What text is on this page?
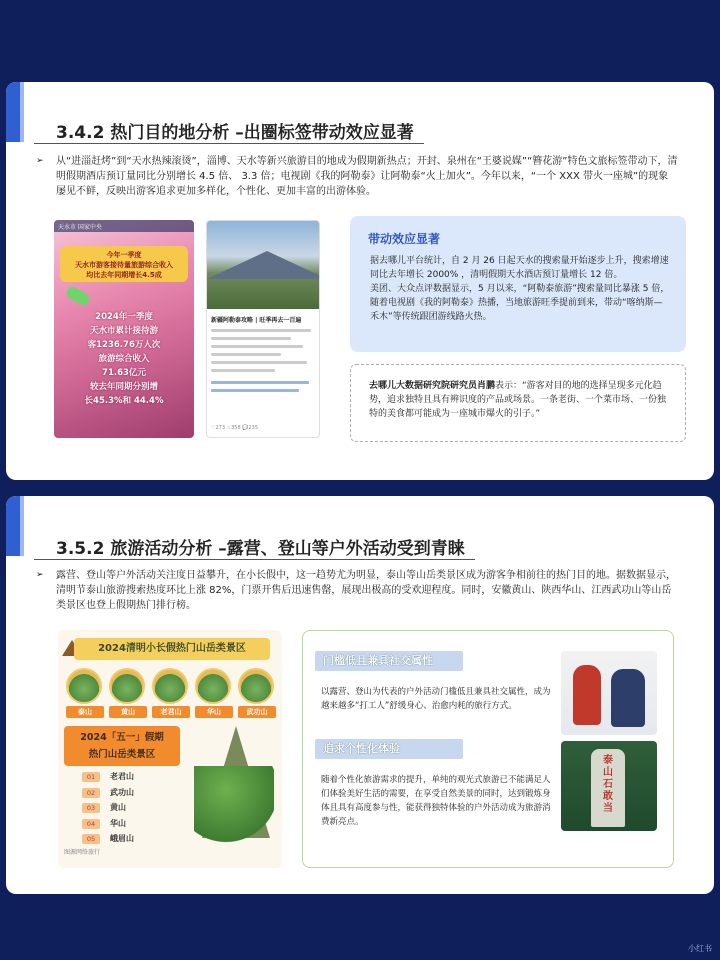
3.4.2 热门目的地分析 –出圈标签带动效应显著
➢	从“进淄赶烤”到“天水热辣滚烫”，淄博、天水等新兴旅游目的地成为假期新热点；开封、泉州在“王婆说媒”“簪花游”特色文旅标签带动下，清明假期酒店预订量同比分别增长 4.5 倍、 3.3 倍；电视剧《我的阿勒泰》让阿勒泰“火上加火”。今年以来，“一个 XXX 带火一座城”的现象屡见不鲜，反映出游客追求更加多样化，个性化、更加丰富的出游体验。
天水市 国家中央
今年一季度
天水市游客接待量旅游综合收入
均比去年同期增长4.5成
2024年一季度
天水市累计接待游
客1236.76万人次
旅游综合收入
71.63亿元
较去年同期分别增
长45.3%和 44.4%
新疆阿勒泰攻略 | 旺季再去一百遍
♡273 ☆358 💬235
带动效应显著

据去哪儿平台统计，自 2 月 26 日起天水的搜索量开始逐步上升，搜索增速同比去年增长 2000% ，清明假期天水酒店预订量增长 12 倍。

美团、大众点评数据显示，5 月以来，“阿勒泰旅游”搜索量同比暴涨 5 倍，随着电视剧《我的阿勒泰》热播，当地旅游旺季提前到来，带动“喀纳斯—禾木”等传统跟团游线路火热。

去哪儿大数据研究院研究员肖鹏表示：“游客对目的地的选择呈现多元化趋势，追求独特且具有辨识度的产品或场景。一条老街、一个菜市场、一份独特的美食都可能成为一座城市爆火的引子。”
3.5.2 旅游活动分析 –露营、登山等户外活动受到青睐
➢	露营、登山等户外活动关注度日益攀升，在小长假中，这一趋势尤为明显，泰山等山岳类景区成为游客争相前往的热门目的地。据数据显示，清明节泰山旅游搜索热度环比上涨 82%，门票开售后迅速售罄，展现出极高的受欢迎程度。同时，安徽黄山、陕西华山、江西武功山等山岳类景区也登上假期热门排行榜。
2024清明小长假热门山岳类景区
泰山	黄山	老君山	华山	武功山
2024「五一」假期
热门山岳类景区
01 老君山
02 武功山
03 黄山
04 华山
05 峨眉山
图源网络旅行
门槛低且兼具社交属性
以露营、登山为代表的户外活动门槛低且兼具社交属性，成为越来越多“打工人”舒缓身心、治愈内耗的旅行方式。
追求个性化体验
随着个性化旅游需求的提升，单纯的观光式旅游已不能满足人们体验美好生活的需要，在享受自然美景的同时，达到锻炼身体且具有高度参与性，能获得独特体验的户外活动成为旅游消费新亮点。
泰山石敢当
小红书
